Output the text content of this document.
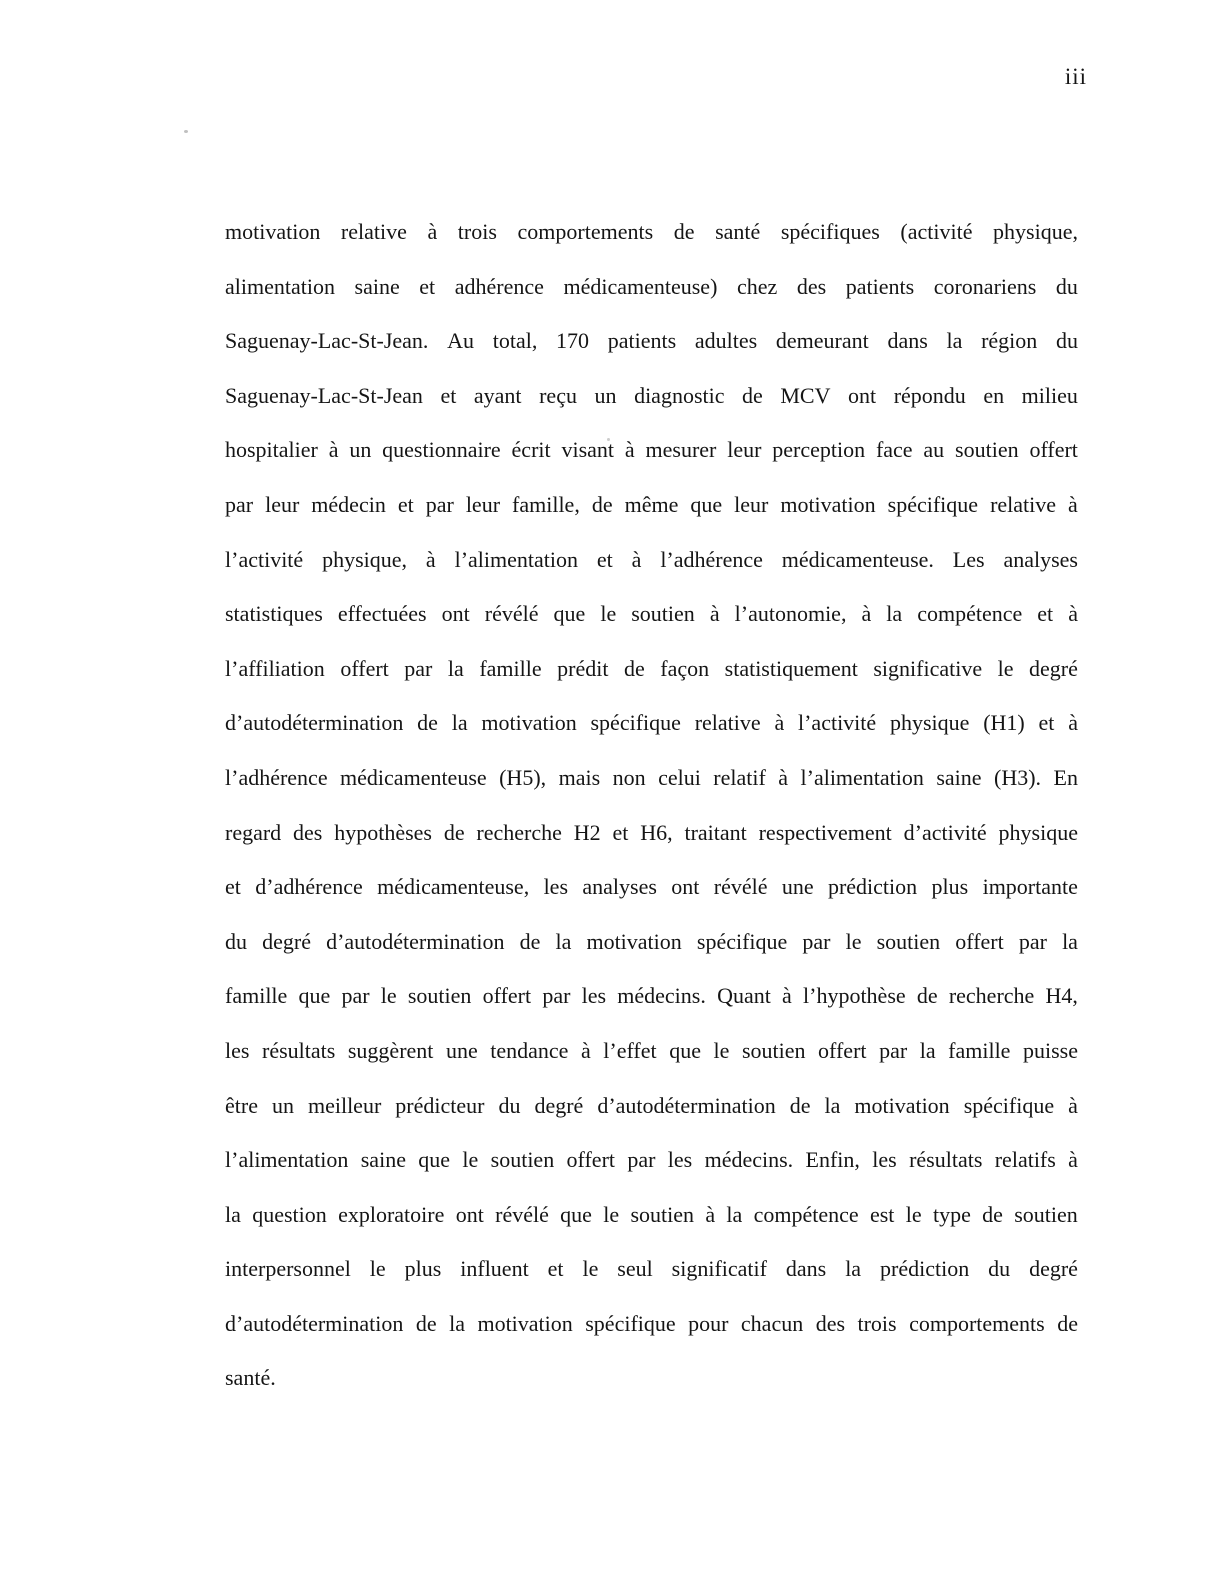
iii
motivation relative à trois comportements de santé spécifiques (activité physique,
alimentation saine et adhérence médicamenteuse) chez des patients coronariens du
Saguenay-Lac-St-Jean. Au total, 170 patients adultes demeurant dans la région du
Saguenay-Lac-St-Jean et ayant reçu un diagnostic de MCV ont répondu en milieu
hospitalier à un questionnaire écrit visant à mesurer leur perception face au soutien offert
par leur médecin et par leur famille, de même que leur motivation spécifique relative à
l’activité physique, à l’alimentation et à l’adhérence médicamenteuse. Les analyses
statistiques effectuées ont révélé que le soutien à l’autonomie, à la compétence et à
l’affiliation offert par la famille prédit de façon statistiquement significative le degré
d’autodétermination de la motivation spécifique relative à l’activité physique (H1) et à
l’adhérence médicamenteuse (H5), mais non celui relatif à l’alimentation saine (H3). En
regard des hypothèses de recherche H2 et H6, traitant respectivement d’activité physique
et d’adhérence médicamenteuse, les analyses ont révélé une prédiction plus importante
du degré d’autodétermination de la motivation spécifique par le soutien offert par la
famille que par le soutien offert par les médecins. Quant à l’hypothèse de recherche H4,
les résultats suggèrent une tendance à l’effet que le soutien offert par la famille puisse
être un meilleur prédicteur du degré d’autodétermination de la motivation spécifique à
l’alimentation saine que le soutien offert par les médecins. Enfin, les résultats relatifs à
la question exploratoire ont révélé que le soutien à la compétence est le type de soutien
interpersonnel le plus influent et le seul significatif dans la prédiction du degré
d’autodétermination de la motivation spécifique pour chacun des trois comportements de
santé.
